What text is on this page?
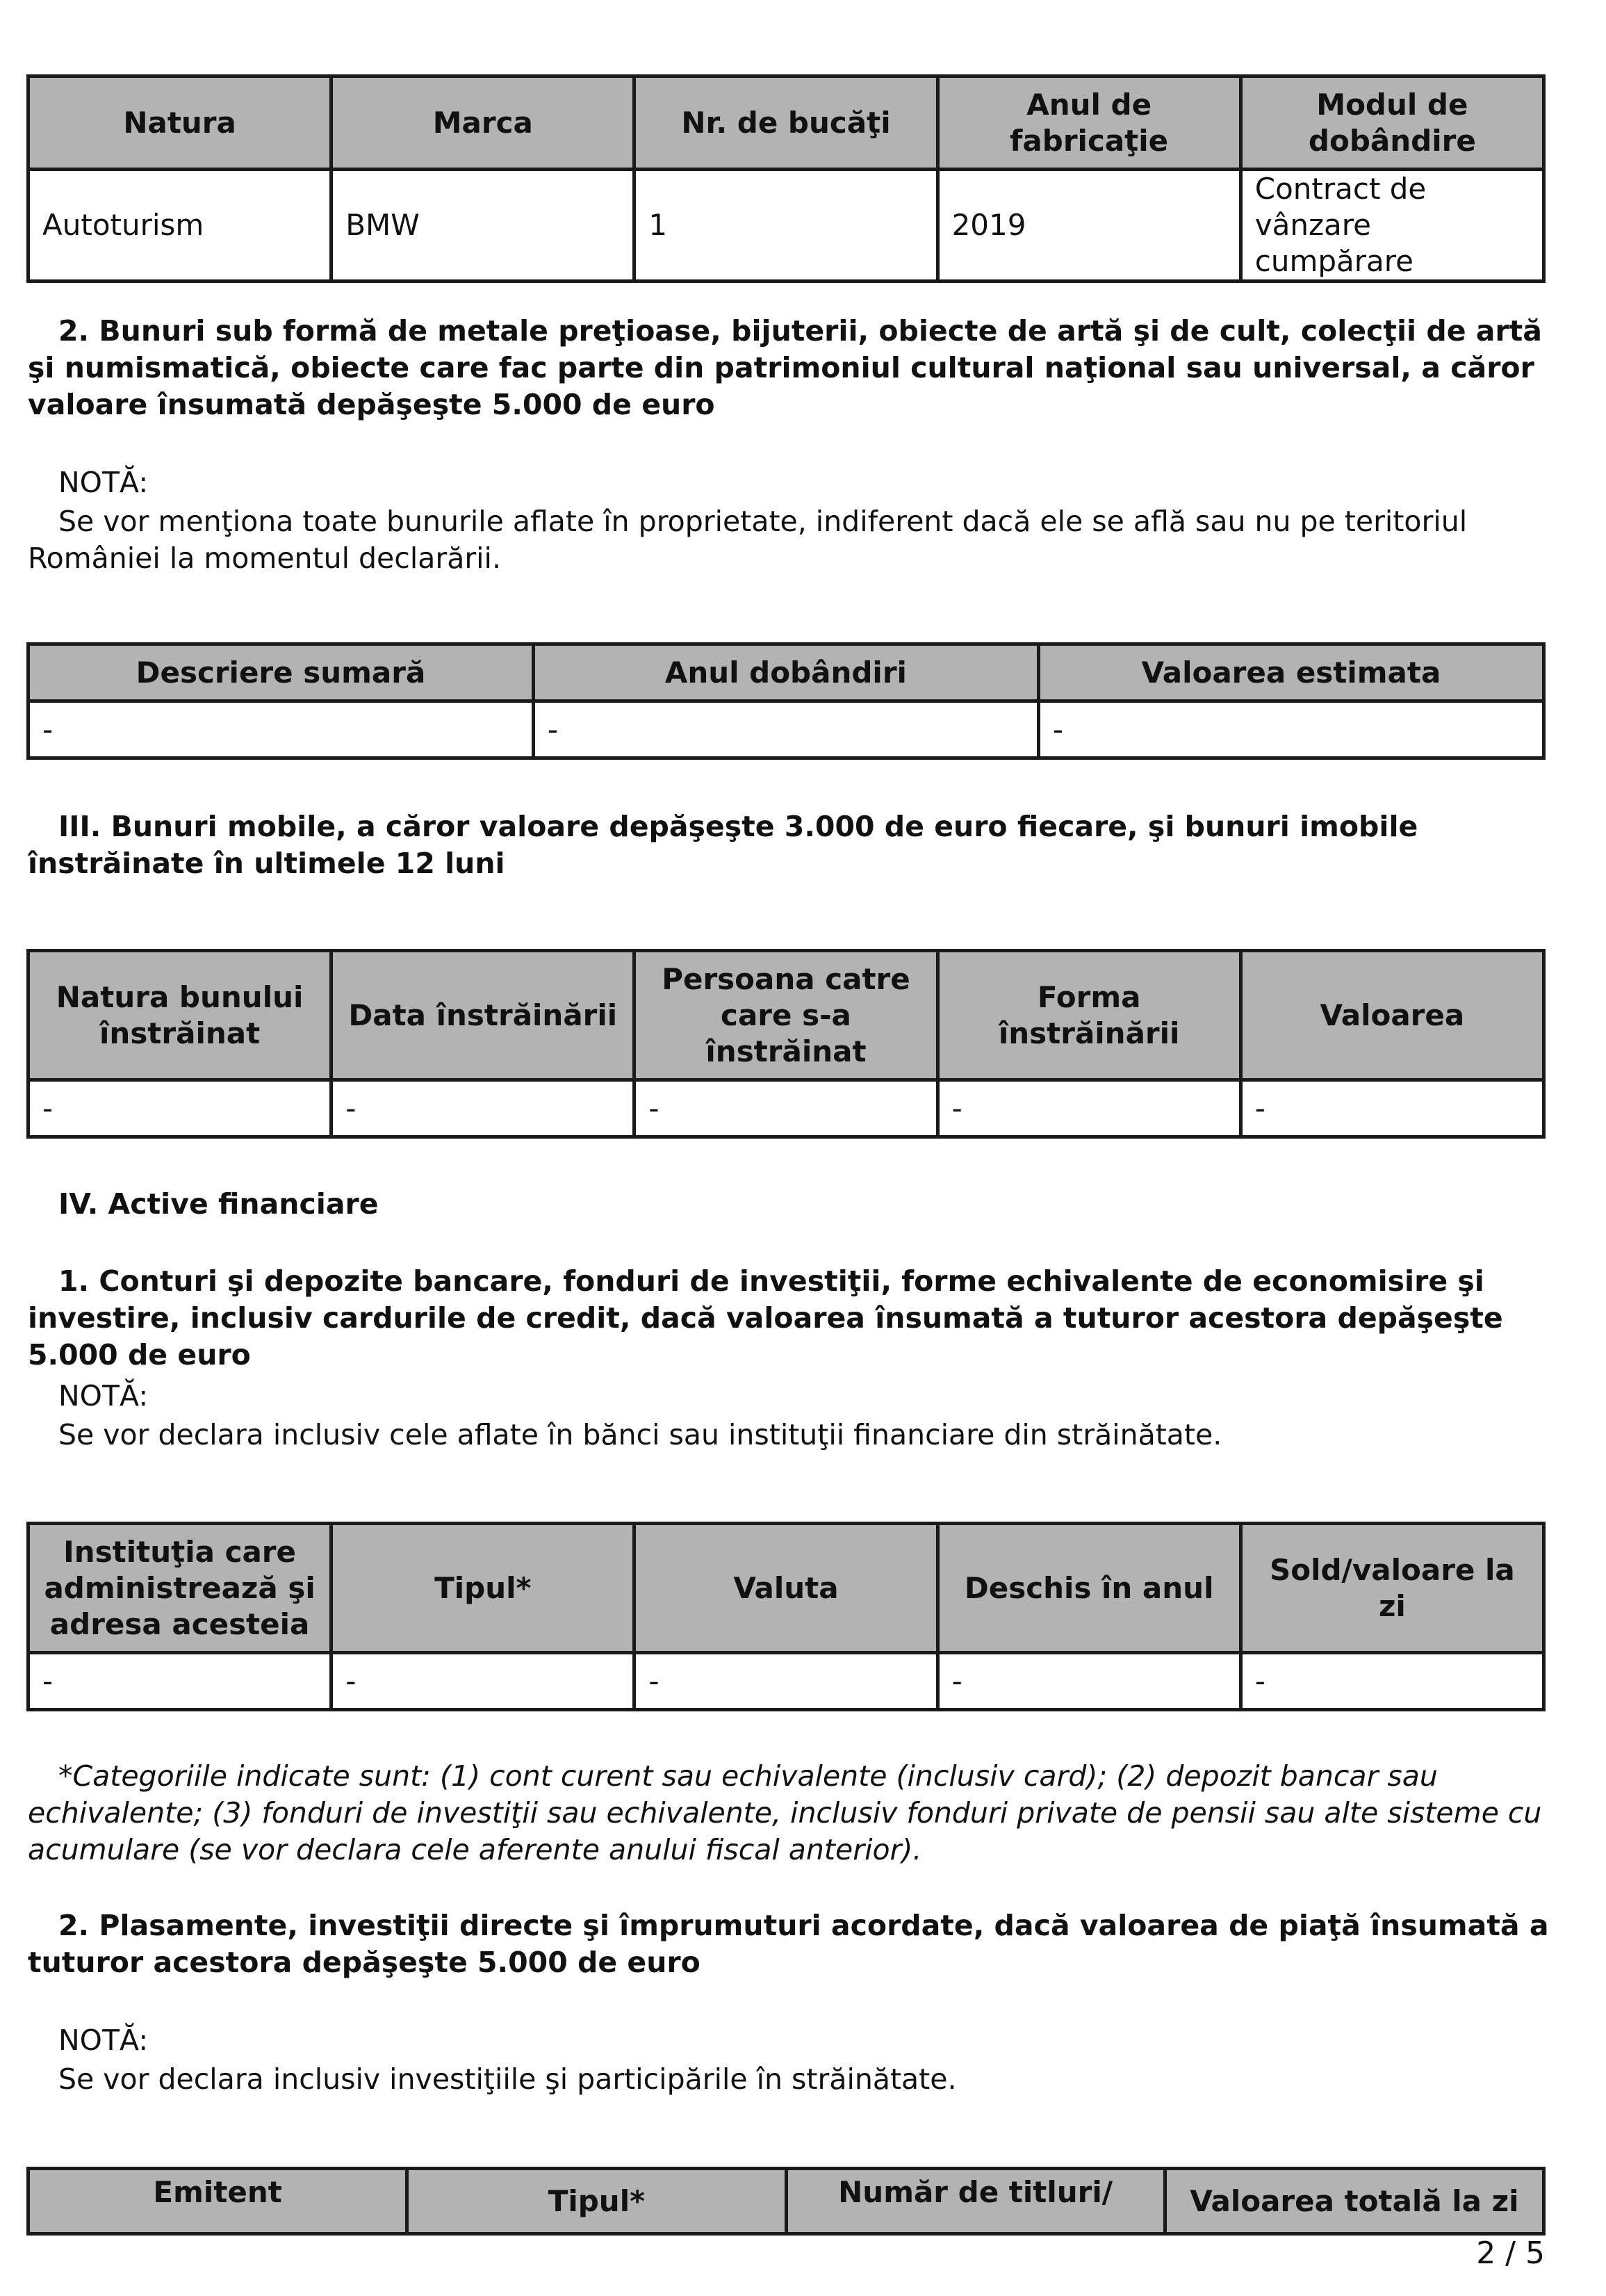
Natura	Marca	Nr. de bucăţi	Anul de fabricaţie	Modul de dobândire
Autoturism	BMW	1	2019	Contract de vânzare cumpărare
2. Bunuri sub formă de metale preţioase, bijuterii, obiecte de artă şi de cult, colecţii de artă şi numismatică, obiecte care fac parte din patrimoniul cultural naţional sau universal, a căror valoare însumată depăşeşte 5.000 de euro
NOTĂ:
Se vor menţiona toate bunurile aflate în proprietate, indiferent dacă ele se află sau nu pe teritoriul României la momentul declarării.
Descriere sumară	Anul dobândiri	Valoarea estimata
-	-	-
III. Bunuri mobile, a căror valoare depăşeşte 3.000 de euro fiecare, şi bunuri imobile înstrăinate în ultimele 12 luni
Natura bunului înstrăinat	Data înstrăinării	Persoana catre care s-a înstrăinat	Forma înstrăinării	Valoarea
-	-	-	-	-
IV. Active financiare
1. Conturi şi depozite bancare, fonduri de investiţii, forme echivalente de economisire şi investire, inclusiv cardurile de credit, dacă valoarea însumată a tuturor acestora depăşeşte 5.000 de euro
NOTĂ:
Se vor declara inclusiv cele aflate în bănci sau instituţii financiare din străinătate.
Instituţia care administrează şi adresa acesteia	Tipul*	Valuta	Deschis în anul	Sold/valoare la zi
-	-	-	-	-
*Categoriile indicate sunt: (1) cont curent sau echivalente (inclusiv card); (2) depozit bancar sau echivalente; (3) fonduri de investiţii sau echivalente, inclusiv fonduri private de pensii sau alte sisteme cu acumulare (se vor declara cele aferente anului fiscal anterior).
2. Plasamente, investiţii directe şi împrumuturi acordate, dacă valoarea de piaţă însumată a tuturor acestora depăşeşte 5.000 de euro
NOTĂ:
Se vor declara inclusiv investiţiile şi participările în străinătate.
Emitent	Tipul*	Număr de titluri/	Valoarea totală la zi
2 / 5
